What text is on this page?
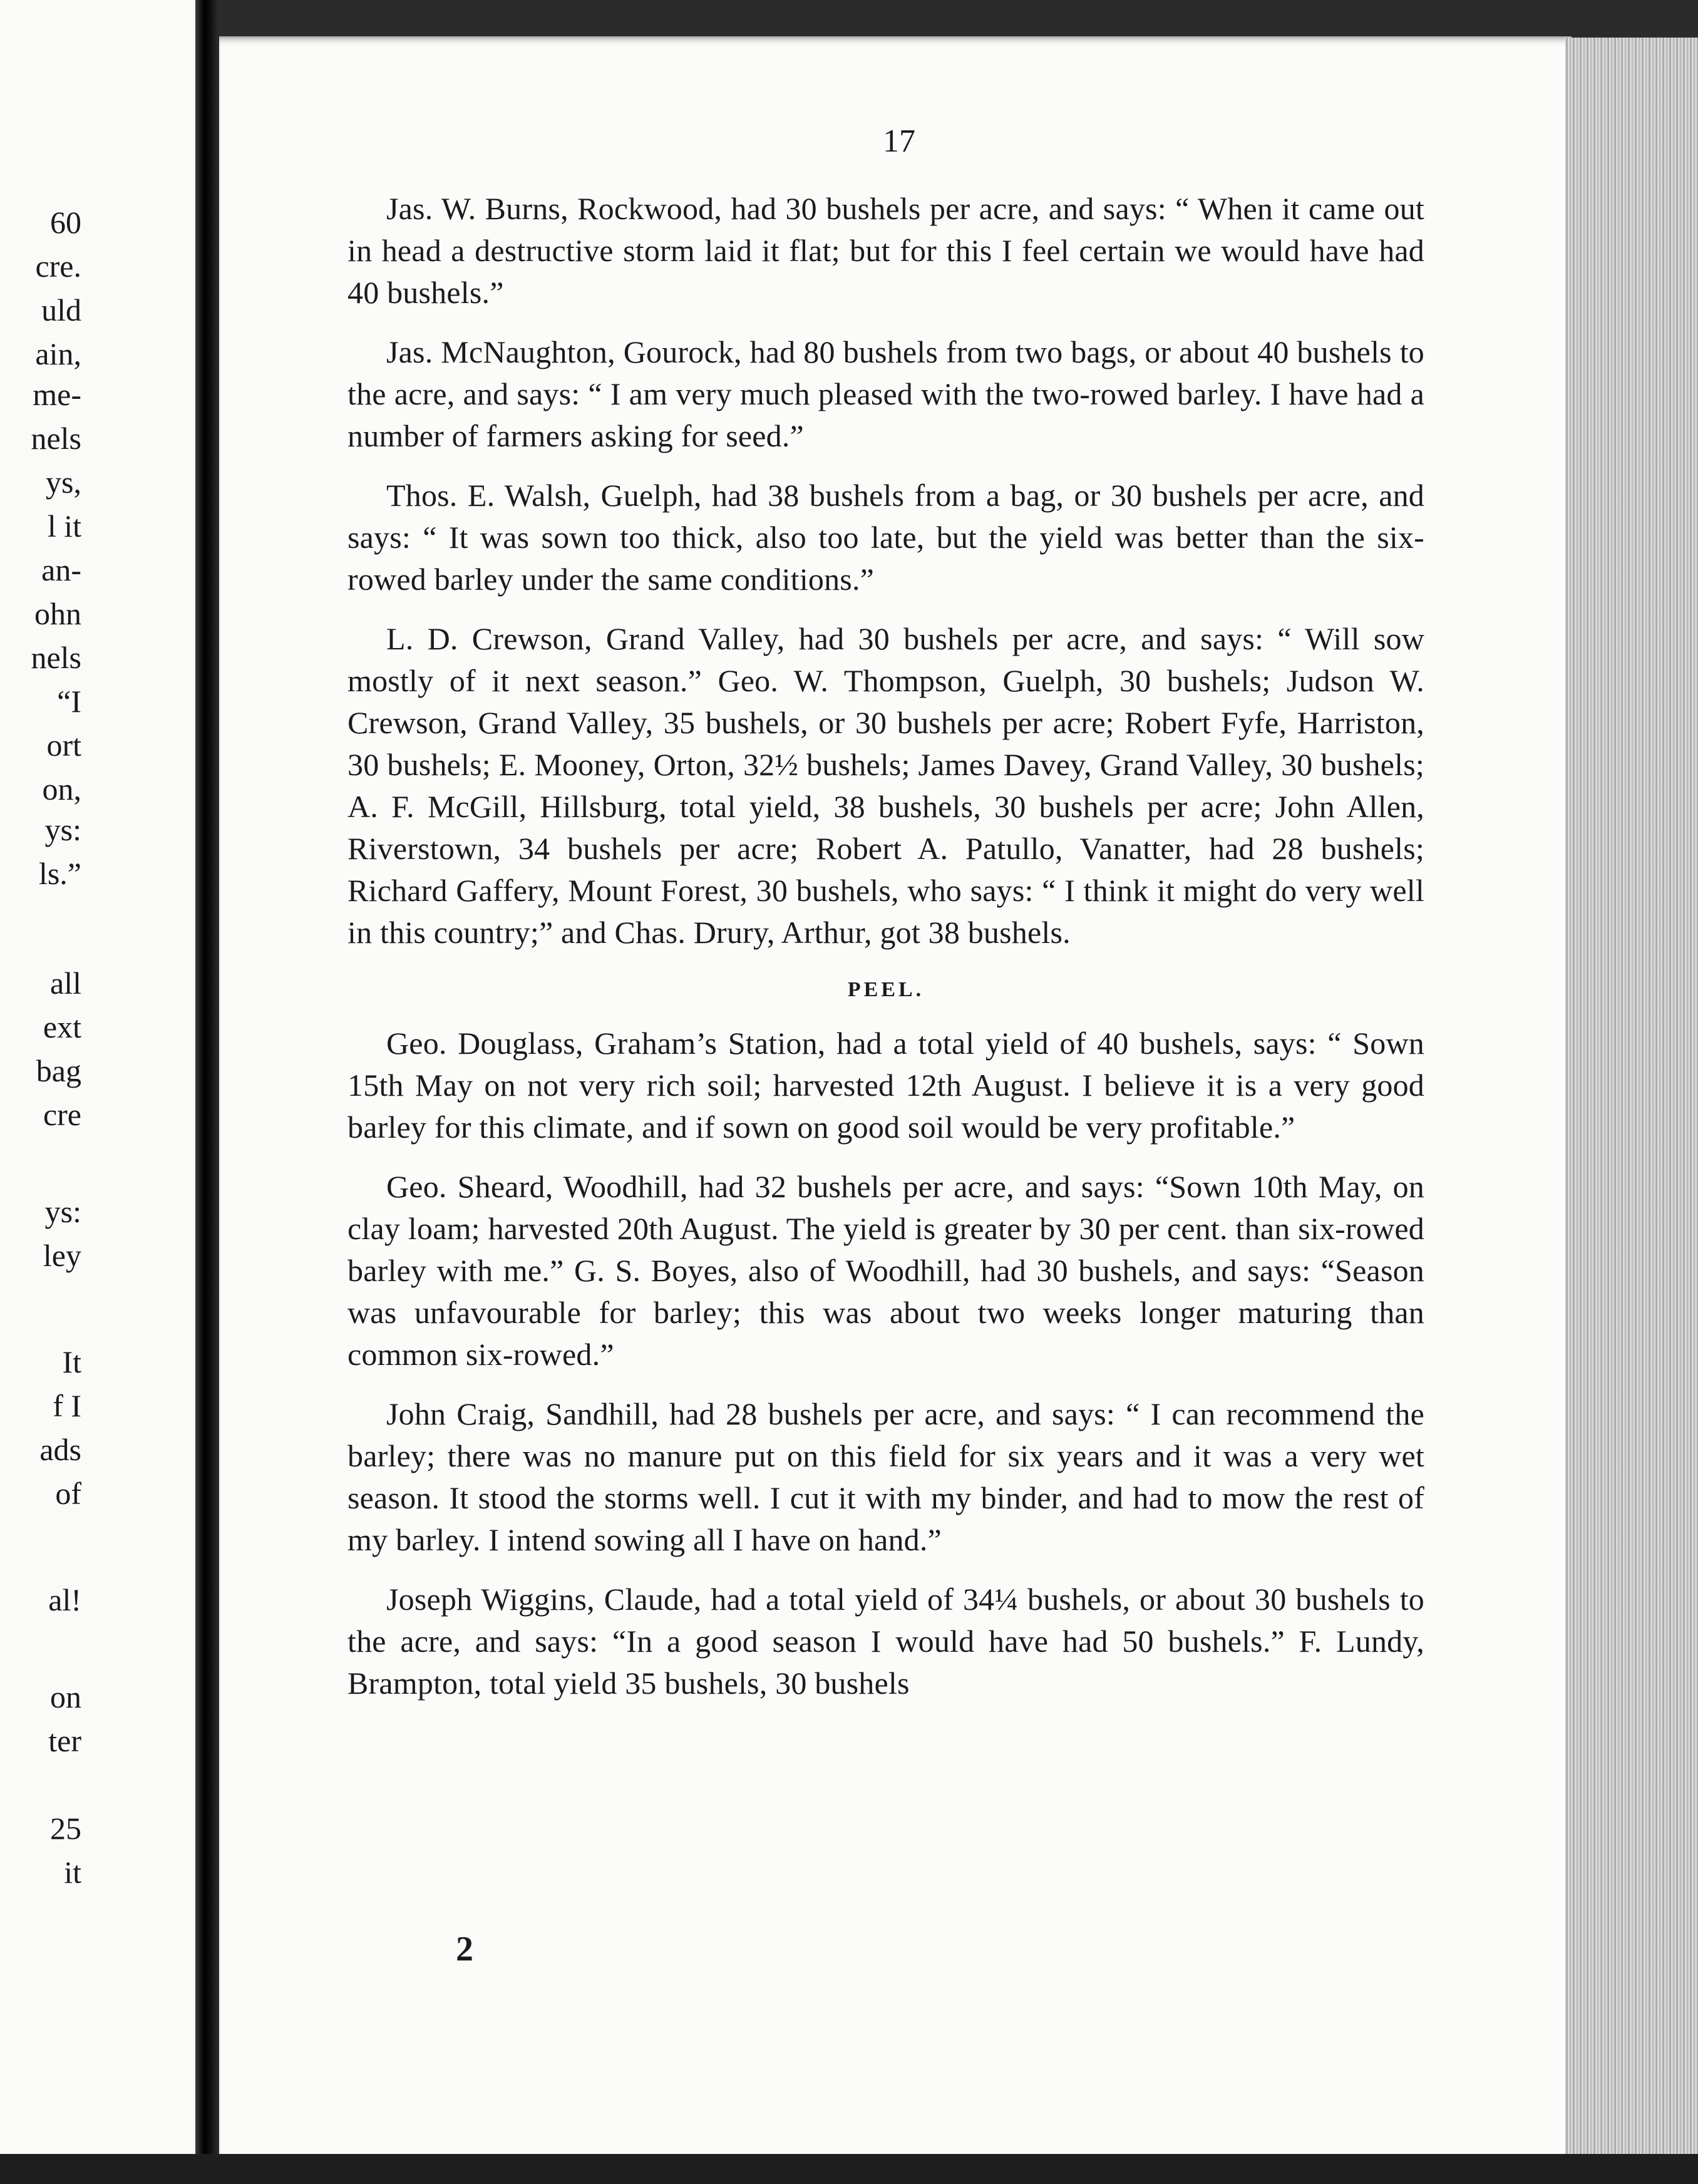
60
cre.
uld
ain,
me-
nels
ys,
l it
an-
ohn
nels
“I
ort
on,
ys:
ls.”
all
ext
bag
cre
ys:
ley
It
f I
ads
of
al!
on
ter
25
it
17

Jas. W. Burns, Rockwood, had 30 bushels per acre, and says: “ When it came out in head a destructive storm laid it flat; but for this I feel certain we would have had 40 bushels.”

Jas. McNaughton, Gourock, had 80 bushels from two bags, or about 40 bushels to the acre, and says: “ I am very much pleased with the two-rowed barley. I have had a number of farmers asking for seed.”

Thos. E. Walsh, Guelph, had 38 bushels from a bag, or 30 bushels per acre, and says: “ It was sown too thick, also too late, but the yield was better than the six-rowed barley under the same conditions.”

L. D. Crewson, Grand Valley, had 30 bushels per acre, and says: “ Will sow mostly of it next season.” Geo. W. Thompson, Guelph, 30 bushels; Judson W. Crewson, Grand Valley, 35 bushels, or 30 bushels per acre; Robert Fyfe, Harriston, 30 bushels; E. Mooney, Orton, 32½ bushels; James Davey, Grand Valley, 30 bushels; A. F. McGill, Hillsburg, total yield, 38 bushels, 30 bushels per acre; John Allen, Riverstown, 34 bushels per acre; Robert A. Patullo, Vanatter, had 28 bushels; Richard Gaffery, Mount Forest, 30 bushels, who says: “ I think it might do very well in this country;” and Chas. Drury, Arthur, got 38 bushels.

PEEL.

Geo. Douglass, Graham’s Station, had a total yield of 40 bushels, says: “ Sown 15th May on not very rich soil; harvested 12th August. I believe it is a very good barley for this climate, and if sown on good soil would be very profitable.”

Geo. Sheard, Woodhill, had 32 bushels per acre, and says: “Sown 10th May, on clay loam; harvested 20th August. The yield is greater by 30 per cent. than six-rowed barley with me.” G. S. Boyes, also of Woodhill, had 30 bushels, and says: “Season was unfavourable for barley; this was about two weeks longer maturing than common six-rowed.”

John Craig, Sandhill, had 28 bushels per acre, and says: “ I can recommend the barley; there was no manure put on this field for six years and it was a very wet season. It stood the storms well. I cut it with my binder, and had to mow the rest of my barley. I intend sowing all I have on hand.”

Joseph Wiggins, Claude, had a total yield of 34¼ bushels, or about 30 bushels to the acre, and says: “In a good season I would have had 50 bushels.” F. Lundy, Brampton, total yield 35 bushels, 30 bushels

2
